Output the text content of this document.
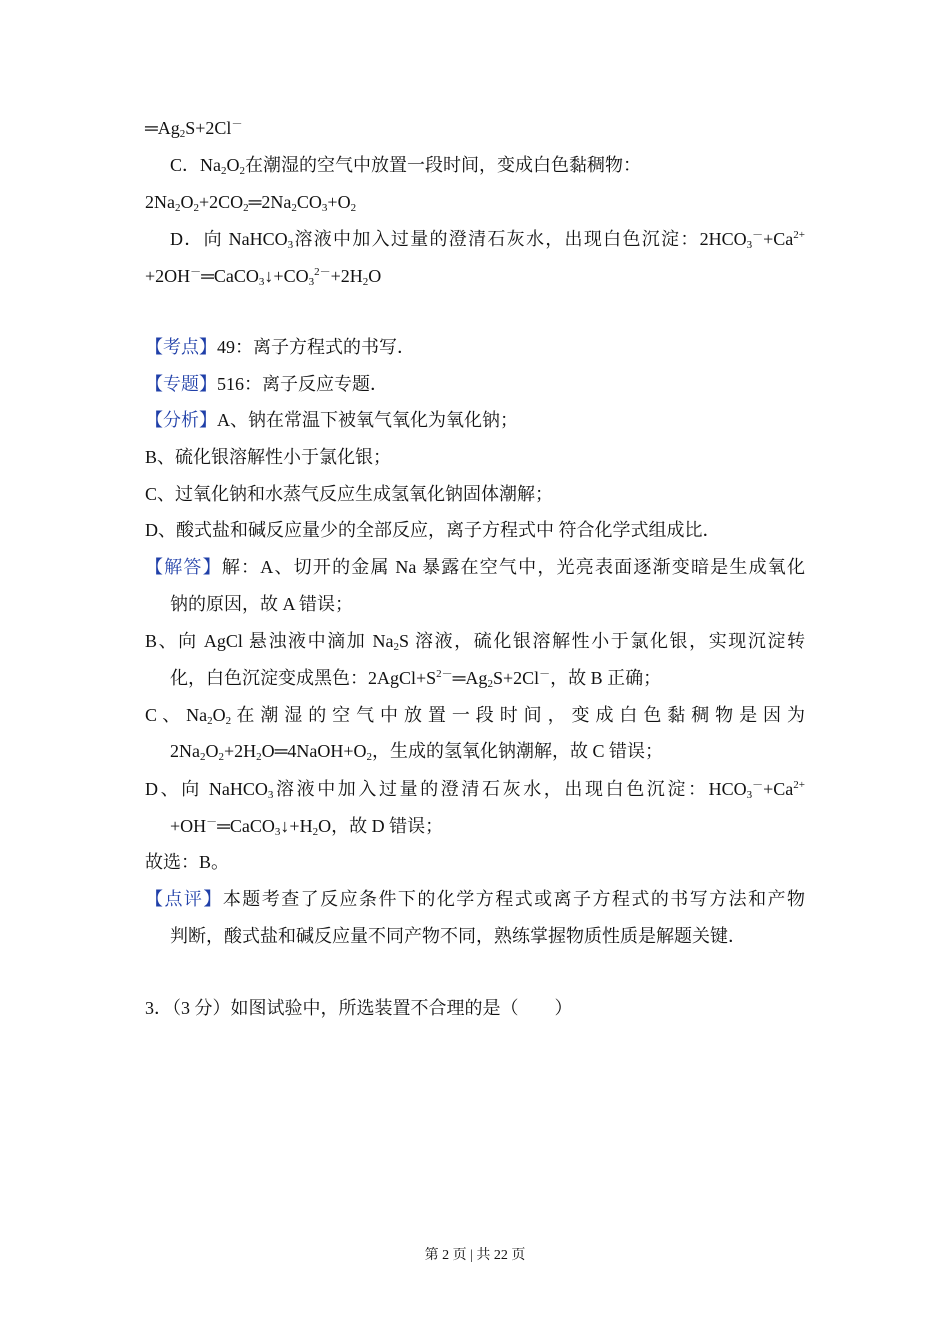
$═Ag_2S+2Cl^-$
C．$Na_2O_2$在潮湿的空气中放置一段时间，变成白色黏稠物：
$2Na_2O_2+2CO_2═2Na_2CO_3+O_2$
D．向 NaHCO$_3$溶液中加入过量的澄清石灰水，出现白色沉淀：$2HCO_3^-+Ca^{2+}$
$+2OH^-═CaCO_3↓+CO_3^{2-}+2H_2O$
【考点】49：离子方程式的书写．
【专题】516：离子反应专题．
【分析】A、钠在常温下被氧气氧化为氧化钠；
B、硫化银溶解性小于氯化银；
C、过氧化钠和水蒸气反应生成氢氧化钠固体潮解；
D、酸式盐和碱反应量少的全部反应，离子方程式中 符合化学式组成比．
【解答】解：A、切开的金属 Na 暴露在空气中，光亮表面逐渐变暗是生成氧化
钠的原因，故 A 错误；
B、向 AgCl 悬浊液中滴加 $Na_2S$ 溶液，硫化银溶解性小于氯化银，实现沉淀转
化，白色沉淀变成黑色：$2AgCl+S^{2-}═Ag_2S+2Cl^-$，故 B 正确；
C 、 $Na_2O_2$ 在 潮 湿 的 空 气 中 放 置 一 段 时 间 ， 变 成 白 色 黏 稠 物 是 因 为
$2Na_2O_2+2H_2O═4NaOH+O_2$，生成的氢氧化钠潮解，故 C 错误；
D、向 NaHCO$_3$溶液中加入过量的澄清石灰水，出现白色沉淀：$HCO_3^-+Ca^{2+}$
$+OH^-═CaCO_3↓+H_2O$，故 D 错误；
故选：B。
【点评】本题考查了反应条件下的化学方程式或离子方程式的书写方法和产物
判断，酸式盐和碱反应量不同产物不同，熟练掌握物质性质是解题关键．
3．（3 分）如图试验中，所选装置不合理的是（　　）
第 2 页 | 共 22 页
